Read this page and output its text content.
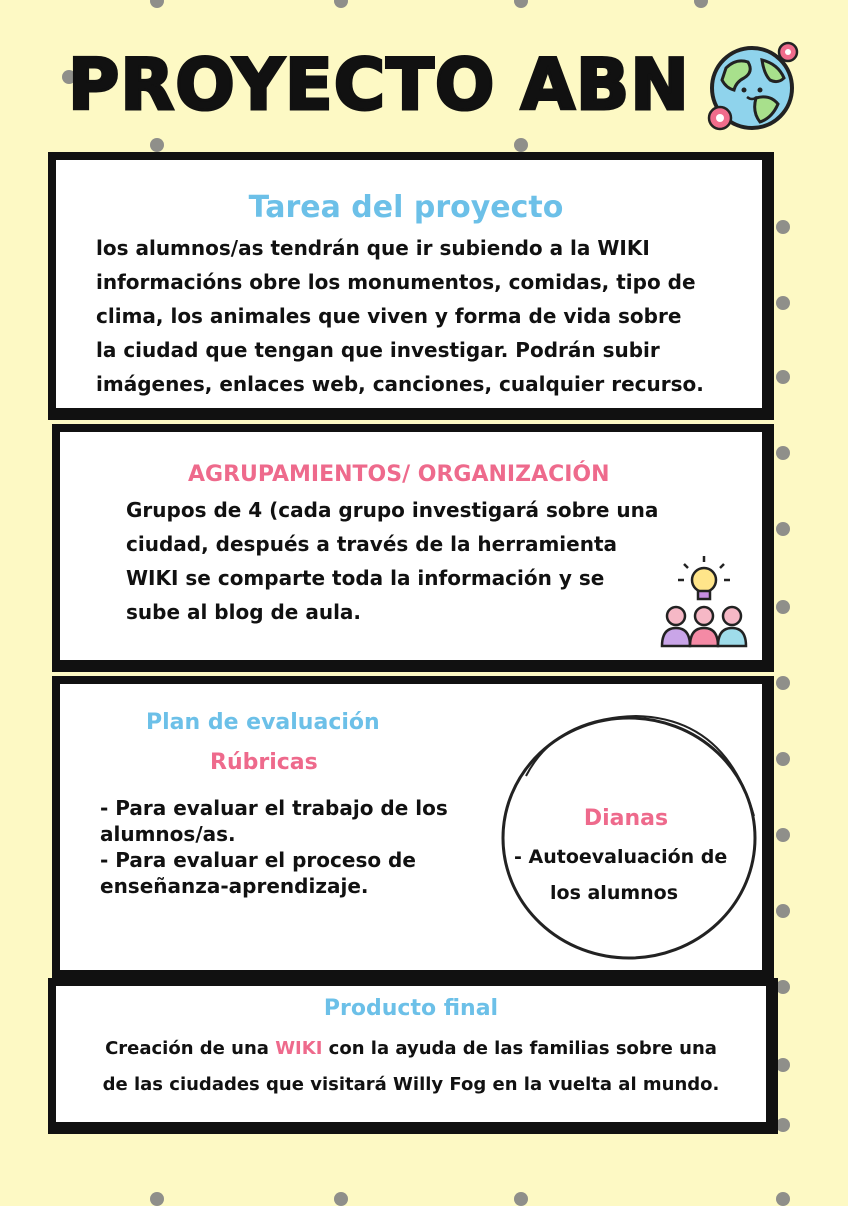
PROYECTO ABN
Tarea del proyecto
los alumnos/as tendrán que ir subiendo a la WIKI
informacións obre los monumentos, comidas, tipo de
clima, los animales que viven y forma de vida sobre
la ciudad que tengan que investigar. Podrán subir
imágenes, enlaces web, canciones, cualquier recurso.
AGRUPAMIENTOS/ ORGANIZACIÓN
Grupos de 4 (cada grupo investigará sobre una
ciudad, después a través de la herramienta
WIKI se comparte toda la información y se
sube al blog de aula.
Plan de evaluación
Rúbricas
- Para evaluar el trabajo de los
alumnos/as.
- Para evaluar el proceso de
enseñanza-aprendizaje.
Dianas
- Autoevaluación de
los alumnos
Producto final
Creación de una WIKI con la ayuda de las familias sobre una
de las ciudades que visitará Willy Fog en la vuelta al mundo.
